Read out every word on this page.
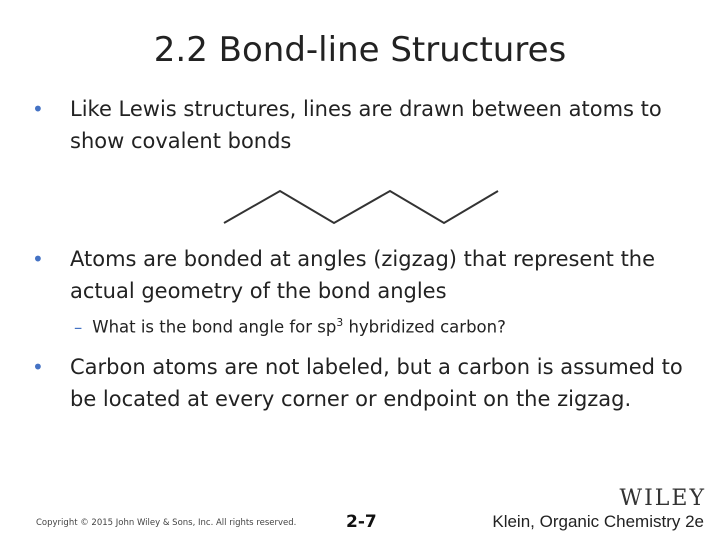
2.2 Bond-line Structures
• Like Lewis structures, lines are drawn between atoms to show covalent bonds
• Atoms are bonded at angles (zigzag) that represent the actual geometry of the bond angles
– What is the bond angle for $sp^3$ hybridized carbon?
• Carbon atoms are not labeled, but a carbon is assumed to be located at every corner or endpoint on the zigzag.
WILEY
Copyright © 2015 John Wiley & Sons, Inc. All rights reserved.	2-7	Klein, Organic Chemistry 2e
